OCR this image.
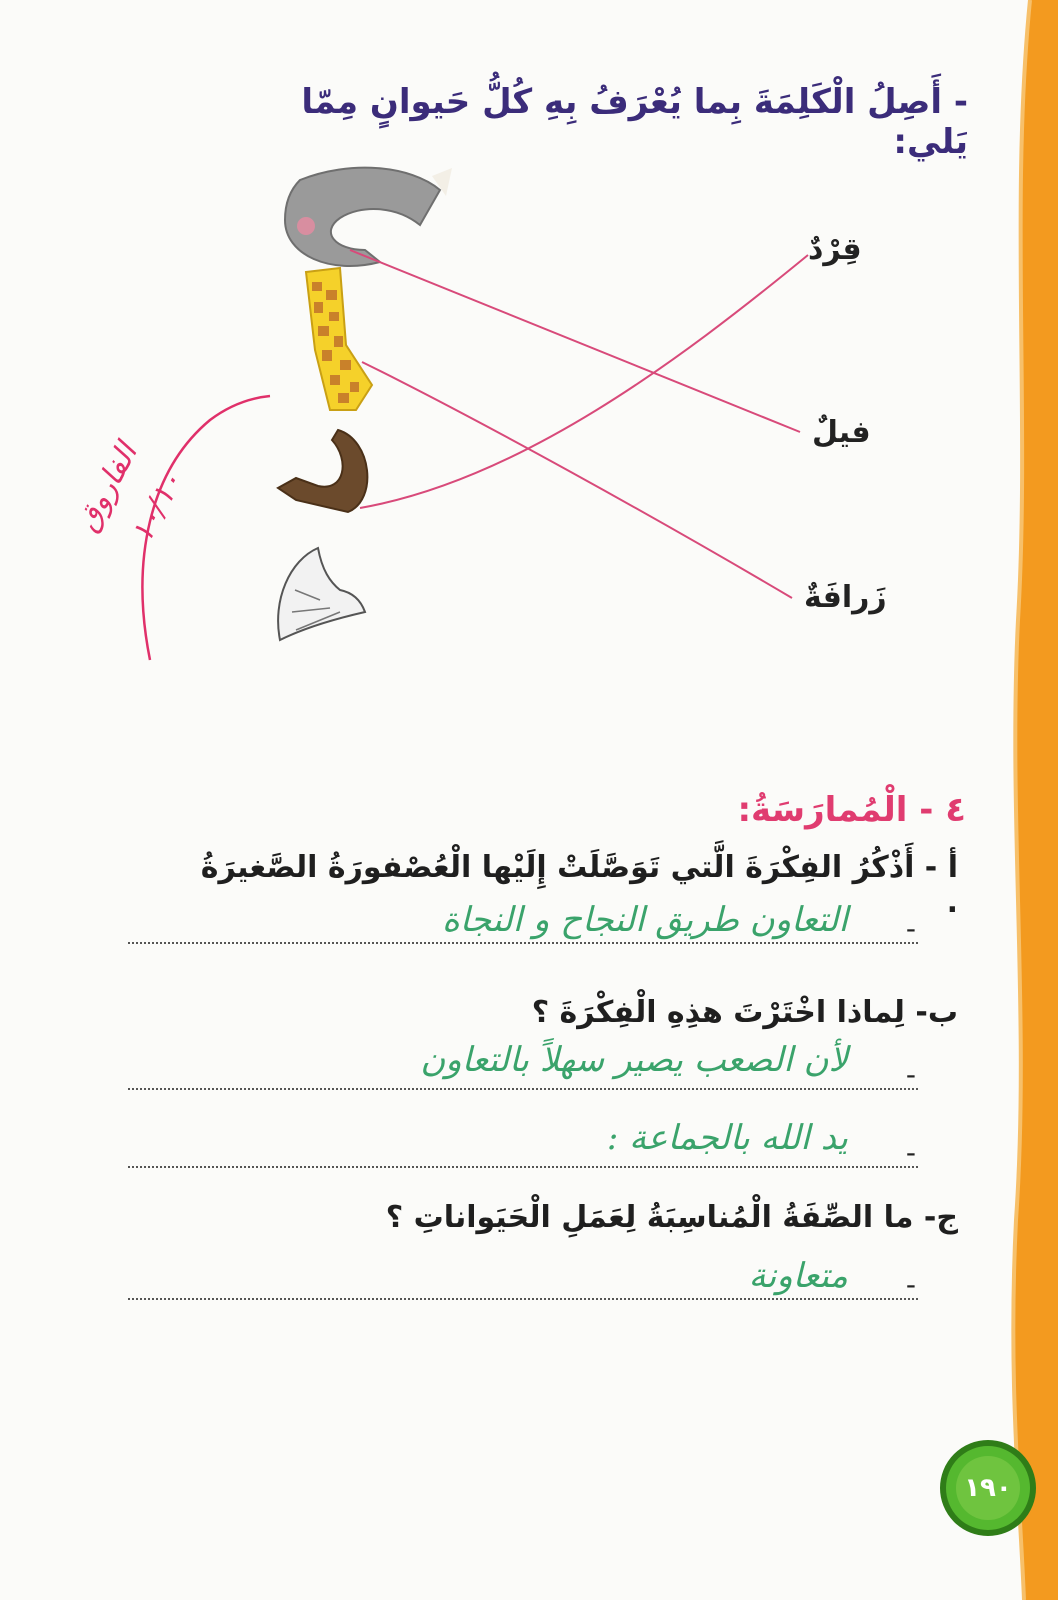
- أَصِلُ الْكَلِمَةَ بِما يُعْرَفُ بِهِ كُلُّ حَيوانٍ مِمّا يَلي:
قِرْدٌ
فيلٌ
زَرافَةٌ
الفاروق
١٠/١٠
٤ - الْمُمارَسَةُ:
أ - أَذْكُرُ الفِكْرَةَ الَّتي تَوَصَّلَتْ إِلَيْها الْعُصْفورَةُ الصَّغيرَةُ .
-
التعاون طريق النجاح و النجاة
ب- لِماذا اخْتَرْتَ هذِهِ الْفِكْرَةَ ؟
-
لأن الصعب يصير سهلاً بالتعاون
-
يد الله بالجماعة :
ج- ما الصِّفَةُ الْمُناسِبَةُ لِعَمَلِ الْحَيَواناتِ ؟
-
متعاونة
١٩٠
